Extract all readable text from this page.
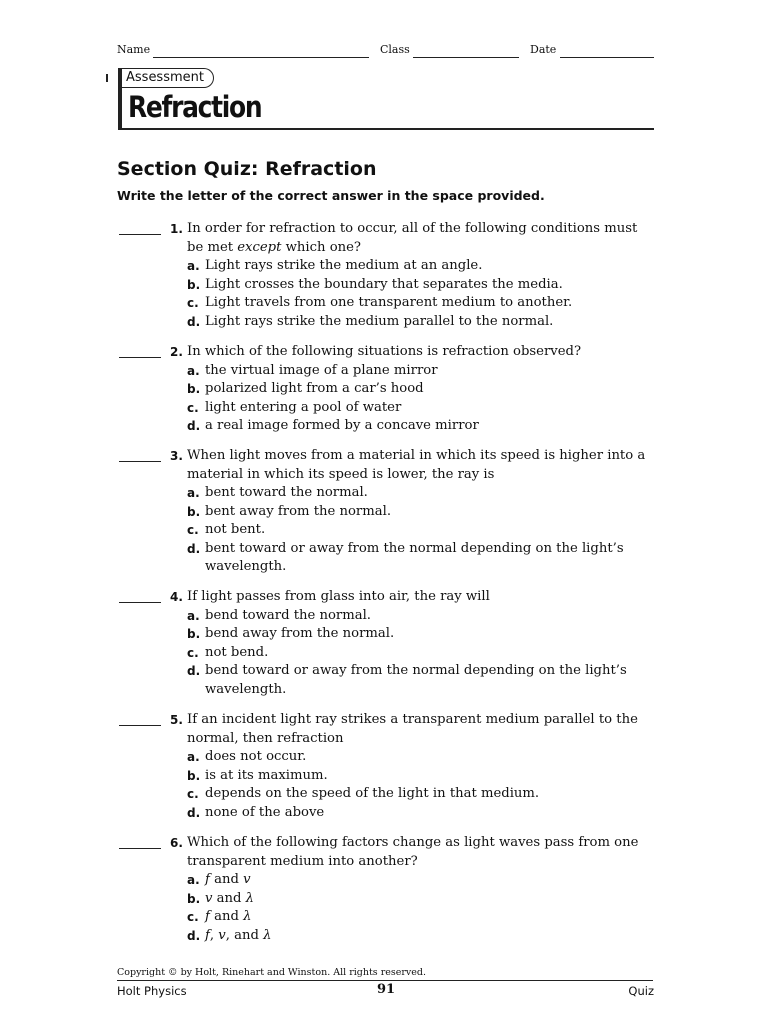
Name	Class	Date
Assessment
Refraction
Section Quiz: Refraction
Write the letter of the correct answer in the space provided.
1. In order for refraction to occur, all of the following conditions must be met except which one?
a. Light rays strike the medium at an angle.
b. Light crosses the boundary that separates the media.
c. Light travels from one transparent medium to another.
d. Light rays strike the medium parallel to the normal.
2. In which of the following situations is refraction observed?
a. the virtual image of a plane mirror
b. polarized light from a car’s hood
c. light entering a pool of water
d. a real image formed by a concave mirror
3. When light moves from a material in which its speed is higher into a material in which its speed is lower, the ray is
a. bent toward the normal.
b. bent away from the normal.
c. not bent.
d. bent toward or away from the normal depending on the light’s wavelength.
4. If light passes from glass into air, the ray will
a. bend toward the normal.
b. bend away from the normal.
c. not bend.
d. bend toward or away from the normal depending on the light’s wavelength.
5. If an incident light ray strikes a transparent medium parallel to the normal, then refraction
a. does not occur.
b. is at its maximum.
c. depends on the speed of the light in that medium.
d. none of the above
6. Which of the following factors change as light waves pass from one transparent medium into another?
a. f and v
b. v and λ
c. f and λ
d. f, v, and λ
Copyright © by Holt, Rinehart and Winston. All rights reserved.
Holt Physics	91	Quiz
